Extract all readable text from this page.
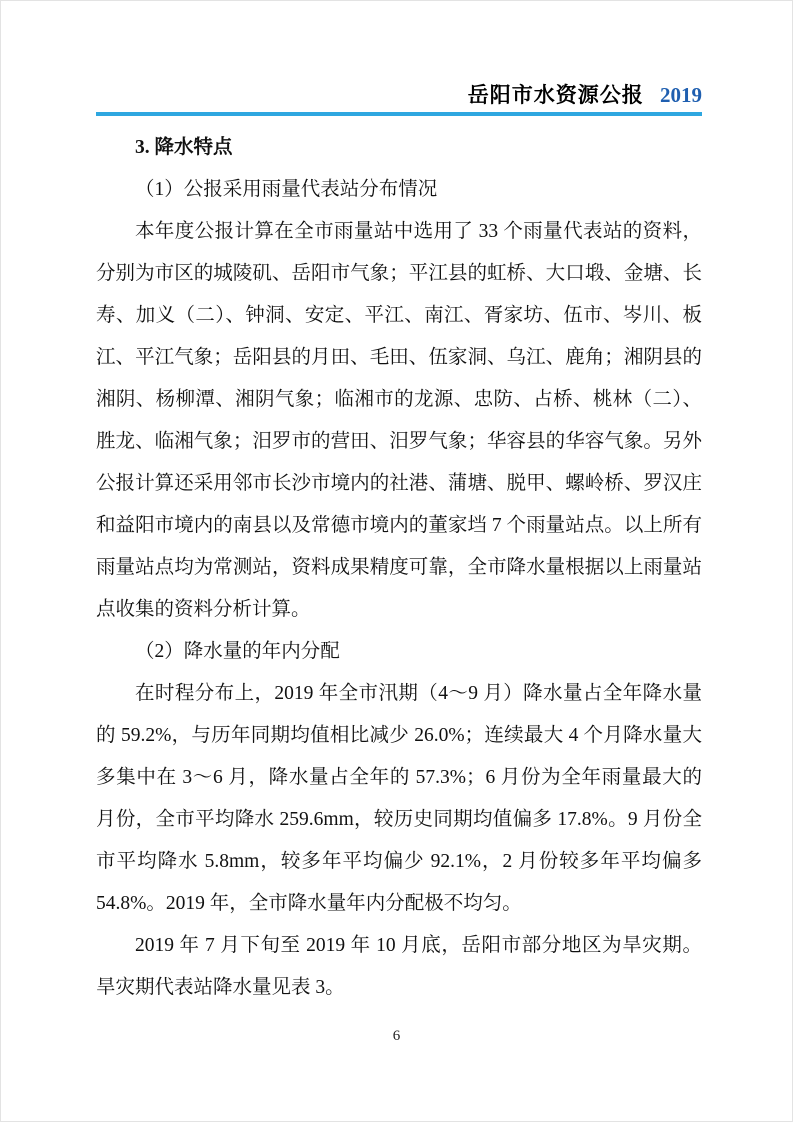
岳阳市水资源公报 2019
3. 降水特点

（1）公报采用雨量代表站分布情况

本年度公报计算在全市雨量站中选用了 33 个雨量代表站的资料，分别为市区的城陵矶、岳阳市气象；平江县的虹桥、大口塅、金塘、长寿、加义（二）、钟洞、安定、平江、南江、胥家坊、伍市、岑川、板江、平江气象；岳阳县的月田、毛田、伍家洞、乌江、鹿角；湘阴县的湘阴、杨柳潭、湘阴气象；临湘市的龙源、忠防、占桥、桃林（二）、胜龙、临湘气象；汨罗市的营田、汨罗气象；华容县的华容气象。另外公报计算还采用邻市长沙市境内的社港、蒲塘、脱甲、螺岭桥、罗汉庄和益阳市境内的南县以及常德市境内的董家垱 7 个雨量站点。以上所有雨量站点均为常测站，资料成果精度可靠，全市降水量根据以上雨量站点收集的资料分析计算。

（2）降水量的年内分配

在时程分布上，2019 年全市汛期（4～9 月）降水量占全年降水量的 59.2%，与历年同期均值相比减少 26.0%；连续最大 4 个月降水量大多集中在 3～6 月，降水量占全年的 57.3%；6 月份为全年雨量最大的月份，全市平均降水 259.6mm，较历史同期均值偏多 17.8%。9 月份全市平均降水 5.8mm，较多年平均偏少 92.1%，2 月份较多年平均偏多 54.8%。2019 年，全市降水量年内分配极不均匀。

2019 年 7 月下旬至 2019 年 10 月底，岳阳市部分地区为旱灾期。旱灾期代表站降水量见表 3。

6
